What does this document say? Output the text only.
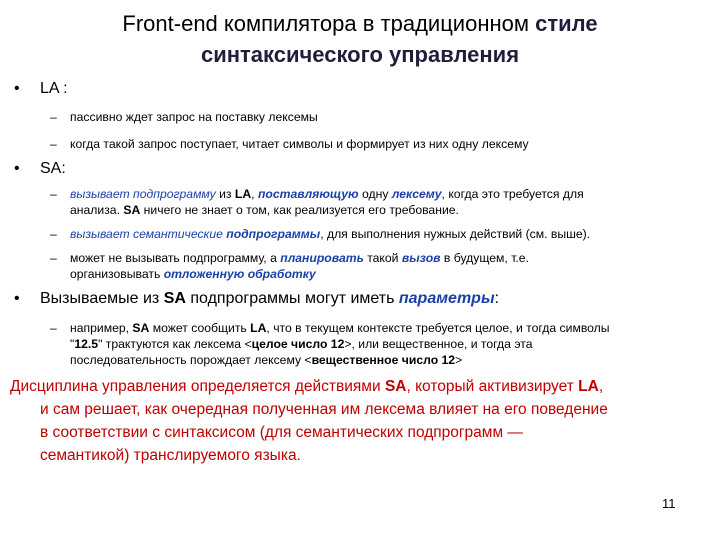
Front-end компилятора в традиционном стиле
синтаксического управления
• LA :
– пассивно ждет запрос на поставку лексемы
– когда такой запрос поступает, читает символы и формирует из них одну лексему
• SA:
– вызывает подпрограмму из LA, поставляющую одну лексему, когда это требуется для
анализа. SA ничего не знает о том, как реализуется его требование.
– вызывает семантические подпрограммы, для выполнения нужных действий (см. выше).
– может не вызывать подпрограмму, а планировать такой вызов в будущем, т.е.
организовывать отложенную обработку
• Вызываемые из SA подпрограммы могут иметь параметры:
– например, SA может сообщить LA, что в текущем контексте требуется целое, и тогда символы
"12.5" трактуются как лексема <целое число 12>, или вещественное, и тогда эта
последовательность порождает лексему <вещественное число 12>
Дисциплина управления определяется действиями SA, который активизирует LA,
и сам решает, как очередная полученная им лексема влияет на его поведение
в соответствии с синтаксисом (для семантических подпрограмм —
семантикой) транслируемого языка.
11
